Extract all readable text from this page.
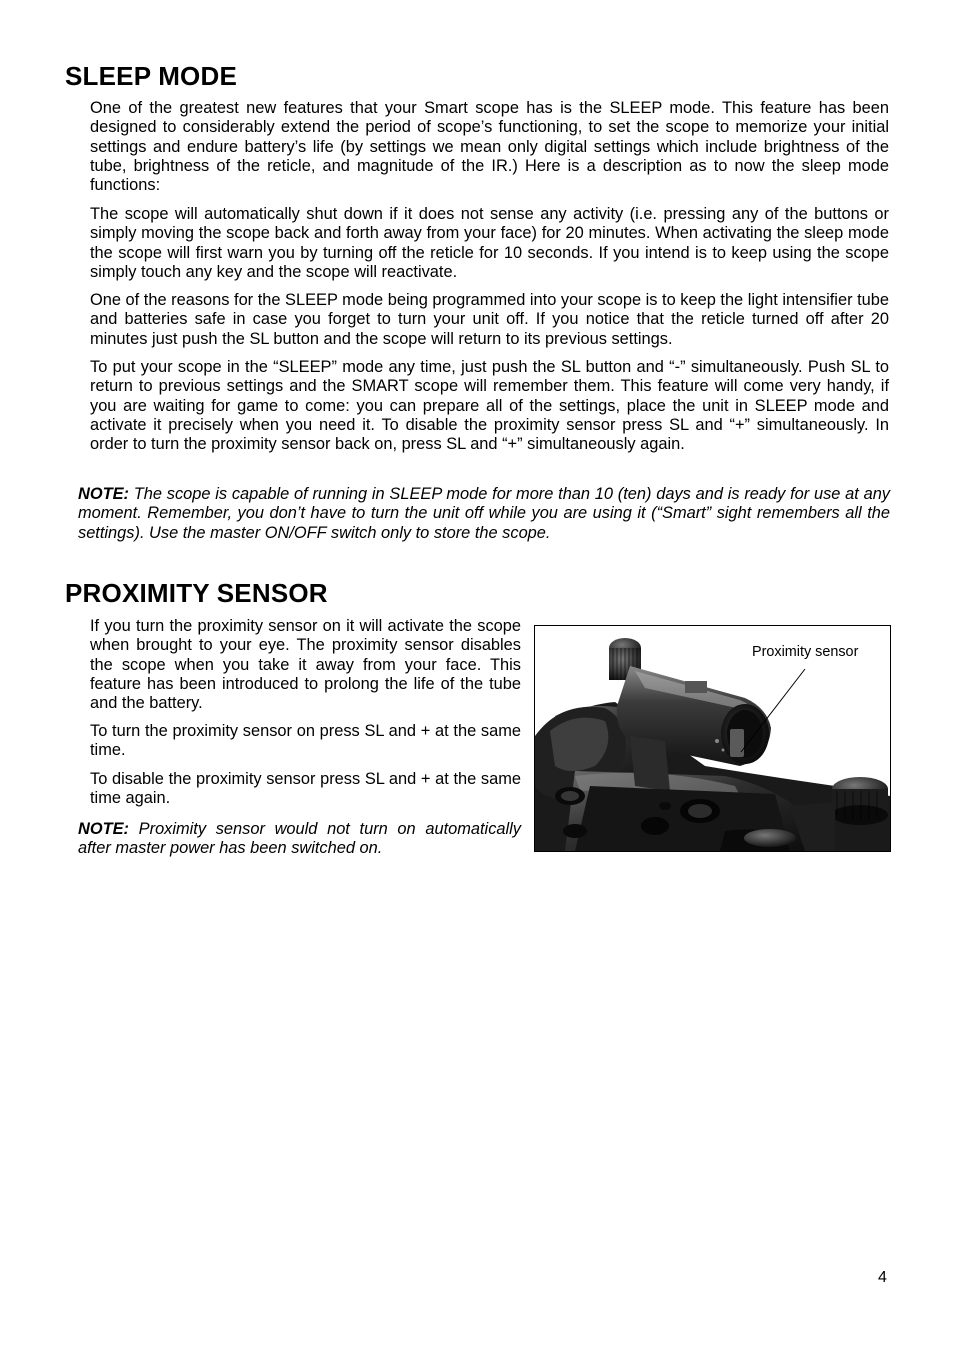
SLEEP MODE

One of the greatest new features that your Smart scope has is the SLEEP mode. This feature has been designed to considerably extend the period of scope’s functioning, to set the scope to memorize your initial settings and endure battery’s life (by settings we mean only digital settings which include brightness of the tube, brightness of the reticle, and magnitude of the IR.) Here is a description as to now the sleep mode functions:

The scope will automatically shut down if it does not sense any activity (i.e. pressing any of the buttons or simply moving the scope back and forth away from your face) for 20 minutes. When activating the sleep mode the scope will first warn you by turning off the reticle for 10 seconds. If you intend is to keep using the scope simply touch any key and the scope will reactivate.

One of the reasons for the SLEEP mode being programmed into your scope is to keep the light intensifier tube and batteries safe in case you forget to turn your unit off. If you notice that the reticle turned off after 20 minutes just push the SL button and the scope will return to its previous settings.

To put your scope in the “SLEEP” mode any time, just push the SL button and “-” simultaneously. Push SL to return to previous settings and the SMART scope will remember them. This feature will come very handy, if you are waiting for game to come: you can prepare all of the settings, place the unit in SLEEP mode and activate it precisely when you need it. To disable the proximity sensor press SL and “+” simultaneously. In order to turn the proximity sensor back on, press SL and “+” simultaneously again.

NOTE: The scope is capable of running in SLEEP mode for more than 10 (ten) days and is ready for use at any moment. Remember, you don’t have to turn the unit off while you are using it (“Smart” sight remembers all the settings). Use the master ON/OFF switch only to store the scope.

PROXIMITY SENSOR

If you turn the proximity sensor on it will activate the scope when brought to your eye. The proximity sensor disables the scope when you take it away from your face. This feature has been introduced to prolong the life of the tube and the battery.

To turn the proximity sensor on press SL and + at the same time.

To disable the proximity sensor press SL and + at the same time again.

NOTE: Proximity sensor would not turn on automatically after master power has been switched on.

Proximity sensor
4
